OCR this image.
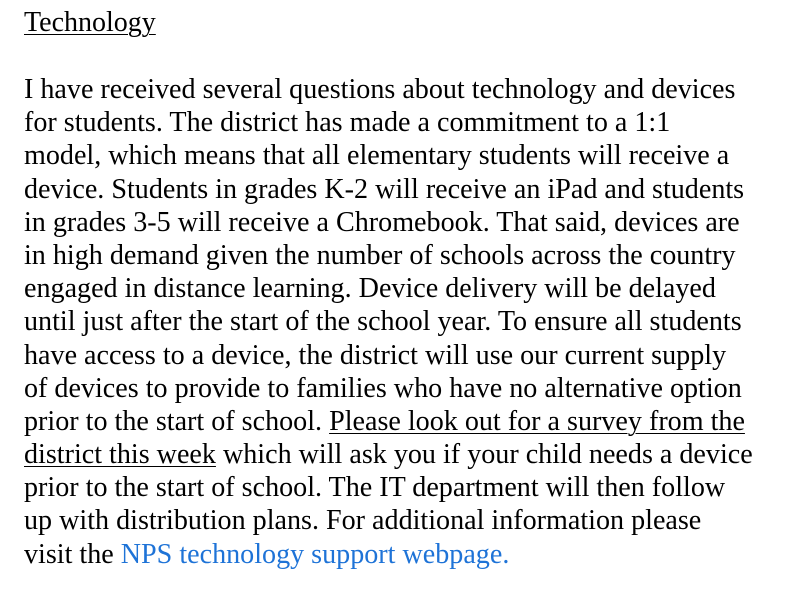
Technology
I have received several questions about technology and devices
for students. The district has made a commitment to a 1:1
model, which means that all elementary students will receive a
device. Students in grades K-2 will receive an iPad and students
in grades 3-5 will receive a Chromebook. That said, devices are
in high demand given the number of schools across the country
engaged in distance learning. Device delivery will be delayed
until just after the start of the school year. To ensure all students
have access to a device, the district will use our current supply
of devices to provide to families who have no alternative option
prior to the start of school. Please look out for a survey from the
district this week which will ask you if your child needs a device
prior to the start of school. The IT department will then follow
up with distribution plans. For additional information please
visit the NPS technology support webpage.
